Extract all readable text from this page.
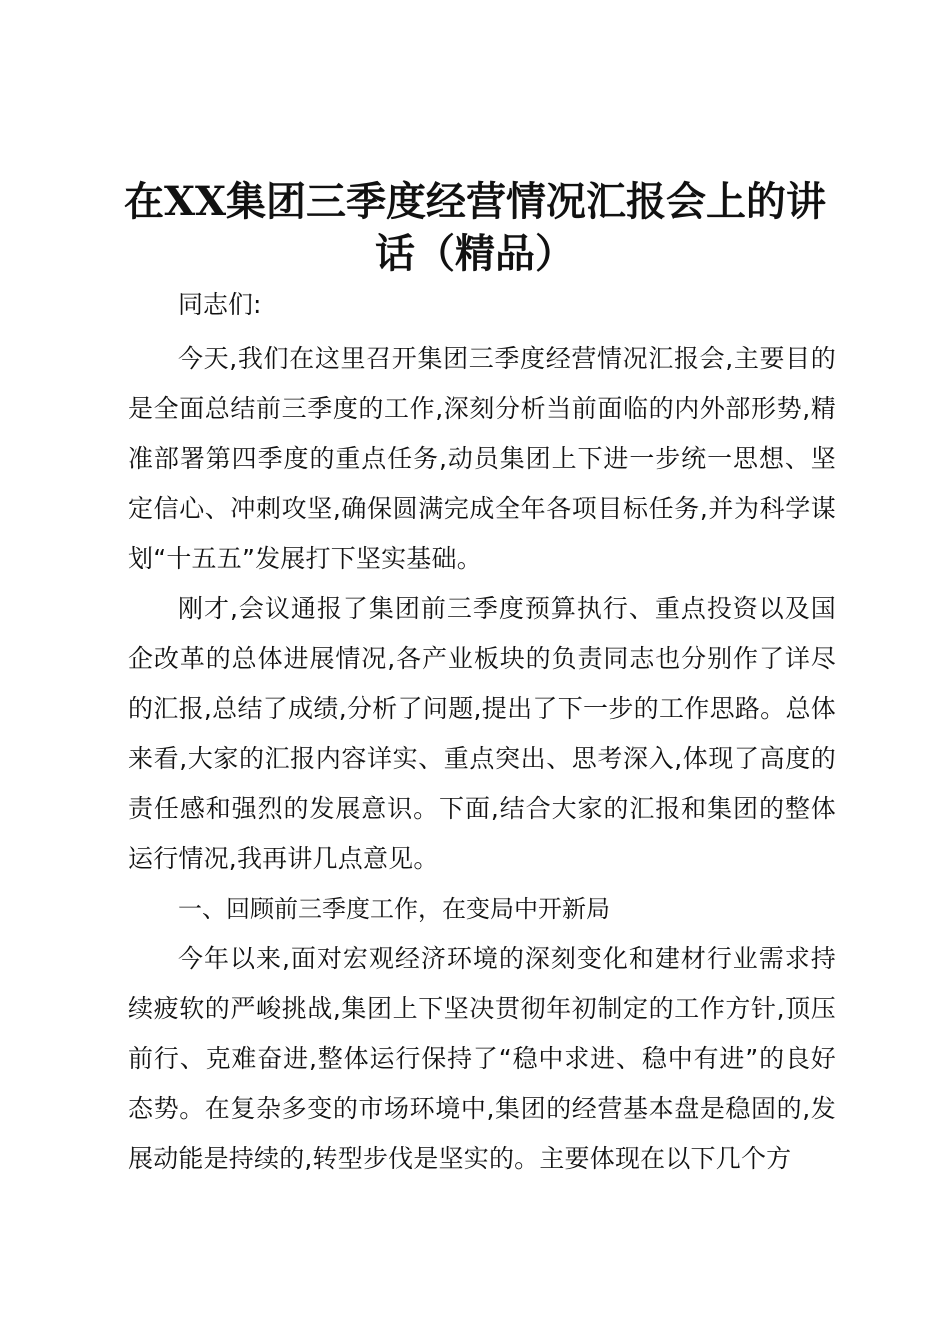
在XX集团三季度经营情况汇报会上的讲话（精品）

同志们:

今天,我们在这里召开集团三季度经营情况汇报会,主要目的是全面总结前三季度的工作,深刻分析当前面临的内外部形势,精准部署第四季度的重点任务,动员集团上下进一步统一思想、坚定信心、冲刺攻坚,确保圆满完成全年各项目标任务,并为科学谋划“十五五”发展打下坚实基础。

刚才,会议通报了集团前三季度预算执行、重点投资以及国企改革的总体进展情况,各产业板块的负责同志也分别作了详尽的汇报,总结了成绩,分析了问题,提出了下一步的工作思路。总体来看,大家的汇报内容详实、重点突出、思考深入,体现了高度的责任感和强烈的发展意识。下面,结合大家的汇报和集团的整体运行情况,我再讲几点意见。

一、回顾前三季度工作，在变局中开新局

今年以来,面对宏观经济环境的深刻变化和建材行业需求持续疲软的严峻挑战,集团上下坚决贯彻年初制定的工作方针,顶压前行、克难奋进,整体运行保持了“稳中求进、稳中有进”的良好态势。在复杂多变的市场环境中,集团的经营基本盘是稳固的,发展动能是持续的,转型步伐是坚实的。主要体现在以下几个方
